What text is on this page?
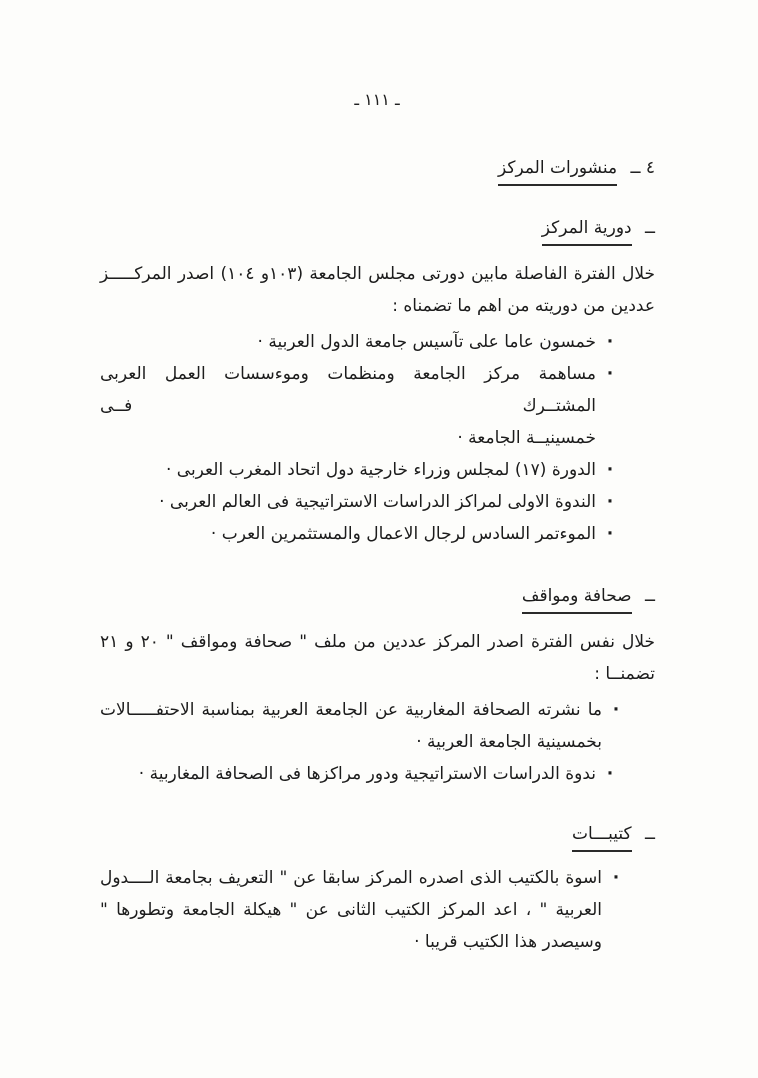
ـ ١١١ ـ
٤ ــ منشورات المركز
ــ دورية المركز
خلال الفترة الفاصلة مابين دورتى مجلس الجامعة (١٠٣و ١٠٤) اصدر المركـــــز
عددين من دوريته من اهم ما تضمناه :
·
خمسون عاما على تآسيس جامعة الدول العربية ·
·
مساهمة مركز الجامعة ومنظمات وموءسسات العمل العربى المشتــرك فــى
خمسينيــة الجامعة ·
·
الدورة (١٧) لمجلس وزراء خارجية دول اتحاد المغرب العربى ·
·
الندوة الاولى لمراكز الدراسات الاستراتيجية فى العالم العربى ·
·
الموءتمر السادس لرجال الاعمال والمستثمرين العرب ·
ــ صحافة ومواقف
خلال نفس الفترة اصدر المركز عددين من ملف " صحافة ومواقف " ٢٠ و ٢١
تضمنــا :
·
ما نشرته الصحافة المغاربية عن الجامعة العربية بمناسبة الاحتفـــــالات
بخمسينية الجامعة العربية ·
·
ندوة الدراسات الاستراتيجية ودور مراكزها فى الصحافة المغاربية ·
ــ كتيبـــات
·
اسوة بالكتيب الذى اصدره المركز سابقا عن " التعريف بجامعة الــــدول
العربية " ، اعد المركز الكتيب الثانى عن " هيكلة الجامعة وتطورها "
وسيصدر هذا الكتيب قريبا ·
